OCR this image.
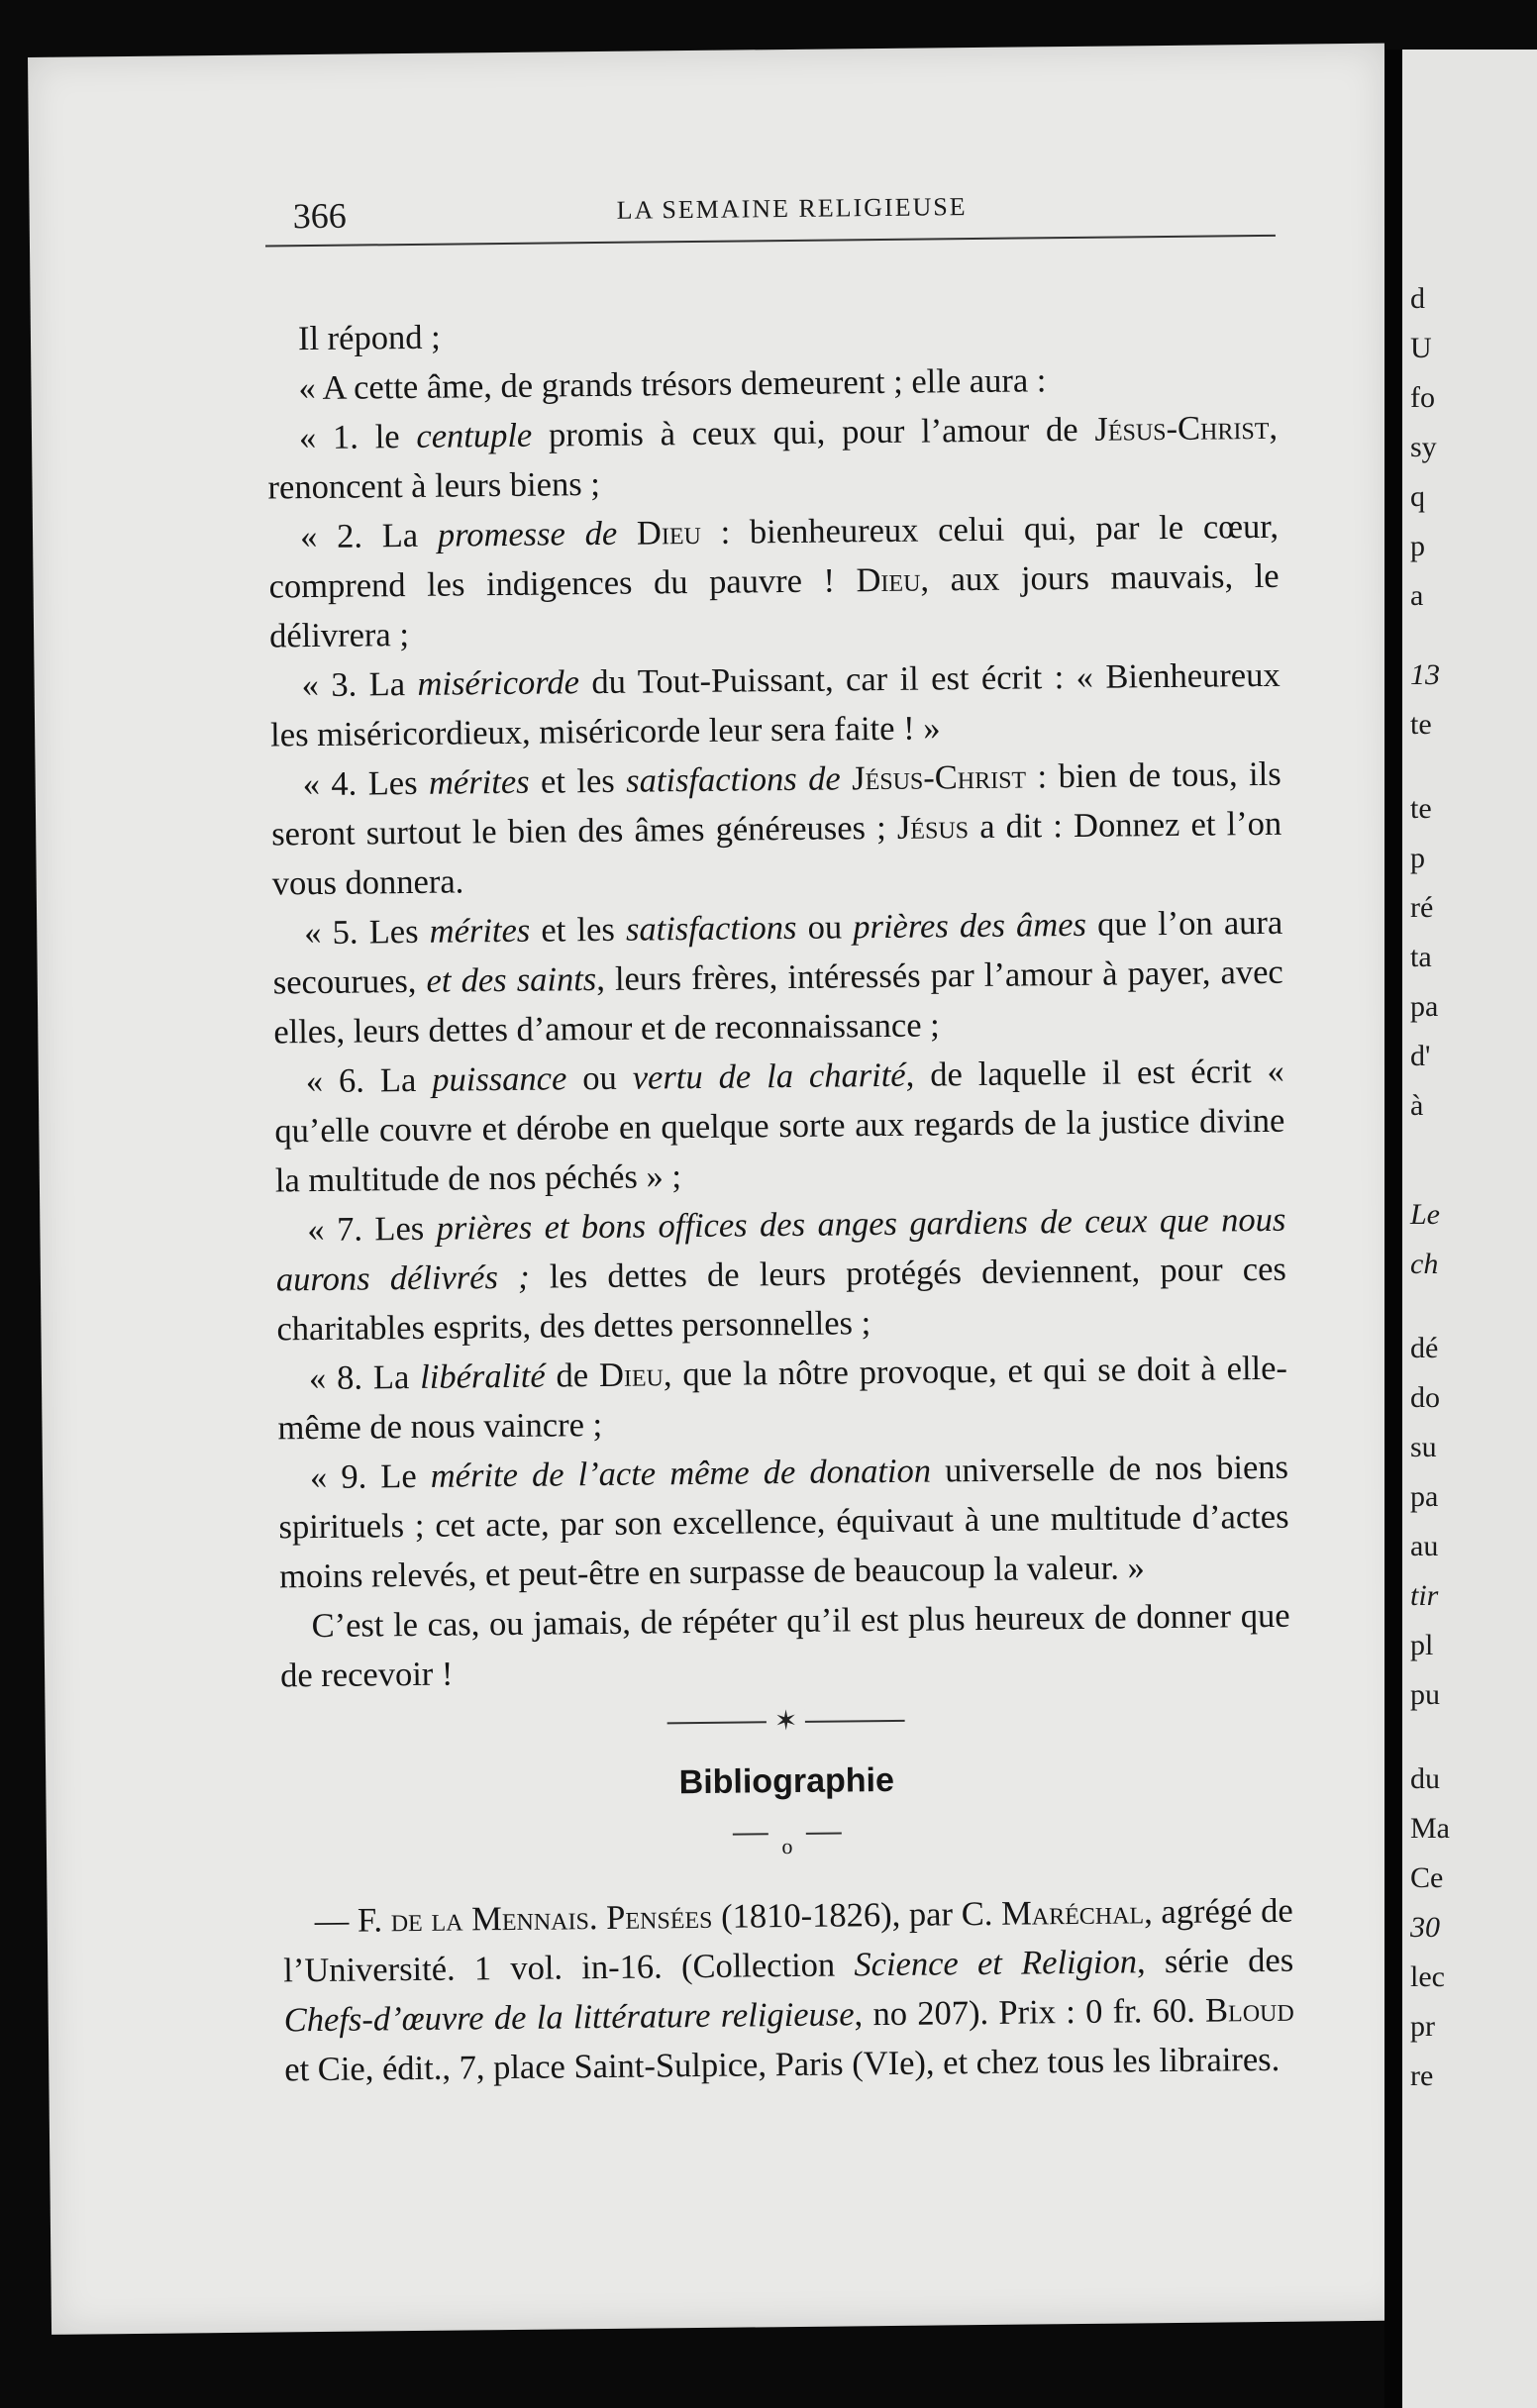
366	LA SEMAINE RELIGIEUSE

Il répond ;

« A cette âme, de grands trésors demeurent ; elle aura :

« 1. le centuple promis à ceux qui, pour l’amour de Jésus-Christ, renoncent à leurs biens ;

« 2. La promesse de Dieu : bienheureux celui qui, par le cœur, comprend les indigences du pauvre ! Dieu, aux jours mauvais, le délivrera ;

« 3. La miséricorde du Tout-Puissant, car il est écrit : « Bienheureux les miséricordieux, miséricorde leur sera faite ! »

« 4. Les mérites et les satisfactions de Jésus-Christ : bien de tous, ils seront surtout le bien des âmes généreuses ; Jésus a dit : Donnez et l’on vous donnera.

« 5. Les mérites et les satisfactions ou prières des âmes que l’on aura secourues, et des saints, leurs frères, intéressés par l’amour à payer, avec elles, leurs dettes d’amour et de reconnaissance ;

« 6. La puissance ou vertu de la charité, de laquelle il est écrit « qu’elle couvre et dérobe en quelque sorte aux regards de la justice divine la multitude de nos péchés » ;

« 7. Les prières et bons offices des anges gardiens de ceux que nous aurons délivrés ; les dettes de leurs protégés deviennent, pour ces charitables esprits, des dettes personnelles ;

« 8. La libéralité de Dieu, que la nôtre provoque, et qui se doit à elle-même de nous vaincre ;

« 9. Le mérite de l’acte même de donation universelle de nos biens spirituels ; cet acte, par son excellence, équivaut à une multitude d’actes moins relevés, et peut-être en surpasse de beaucoup la valeur. »

C’est le cas, ou jamais, de répéter qu’il est plus heureux de donner que de recevoir !

✶
Bibliographie
o

— F. de la Mennais. Pensées (1810-1826), par C. Maréchal, agrégé de l’Université. 1 vol. in-16. (Collection Science et Religion, série des Chefs-d’œuvre de la littérature religieuse, no 207). Prix : 0 fr. 60. Bloud et Cie, édit., 7, place Saint-Sulpice, Paris (VIe), et chez tous les libraires.

d
U
fo
sy
q
p
a
13
te
te
p
ré
ta
pa
d'
à
Le
ch
dé
do
su
pa
au
tir
pl
pu
du
Ma
Ce
30
lec
pr
re
